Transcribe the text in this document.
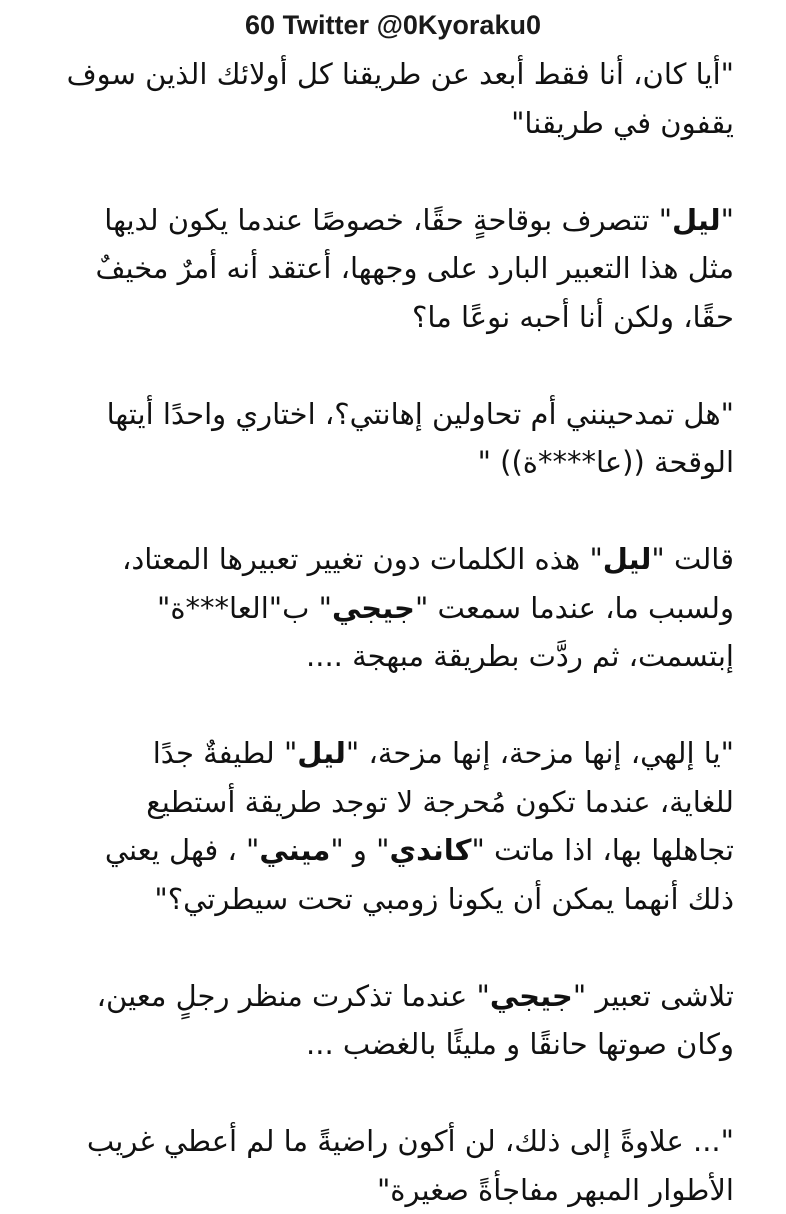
60 Twitter @0Kyoraku0
"أيا كان، أنا فقط أبعد عن طريقنا كل أولائك الذين سوف
يقفون في طريقنا"
"ليل" تتصرف بوقاحةٍ حقًا، خصوصًا عندما يكون لديها
مثل هذا التعبير البارد على وجهها، أعتقد أنه أمرٌ مخيفٌ
حقًا، ولكن أنا أحبه نوعًا ما؟
"هل تمدحينني أم تحاولين إهانتي؟، اختاري واحدًا أيتها
الوقحة ((عا****ة)) "
قالت "ليل" هذه الكلمات دون تغيير تعبيرها المعتاد،
ولسبب ما، عندما سمعت "جيجي" ب"العا***ة"
إبتسمت، ثم ردَّت بطريقة مبهجة ....
"يا إلهي، إنها مزحة، إنها مزحة، "ليل" لطيفةٌ جدًا
للغاية، عندما تكون مُحرجة لا توجد طريقة أستطيع
تجاهلها بها، اذا ماتت "كاندي" و "ميني" ، فهل يعني
ذلك أنهما يمكن أن يكونا زومبي تحت سيطرتي؟"
تلاشى تعبير "جيجي" عندما تذكرت منظر رجلٍ معين،
وكان صوتها حانقًا و مليئًا بالغضب ...
"... علاوةً إلى ذلك، لن أكون راضيةً ما لم أعطي غريب
الأطوار المبهر مفاجأةً صغيرة"
